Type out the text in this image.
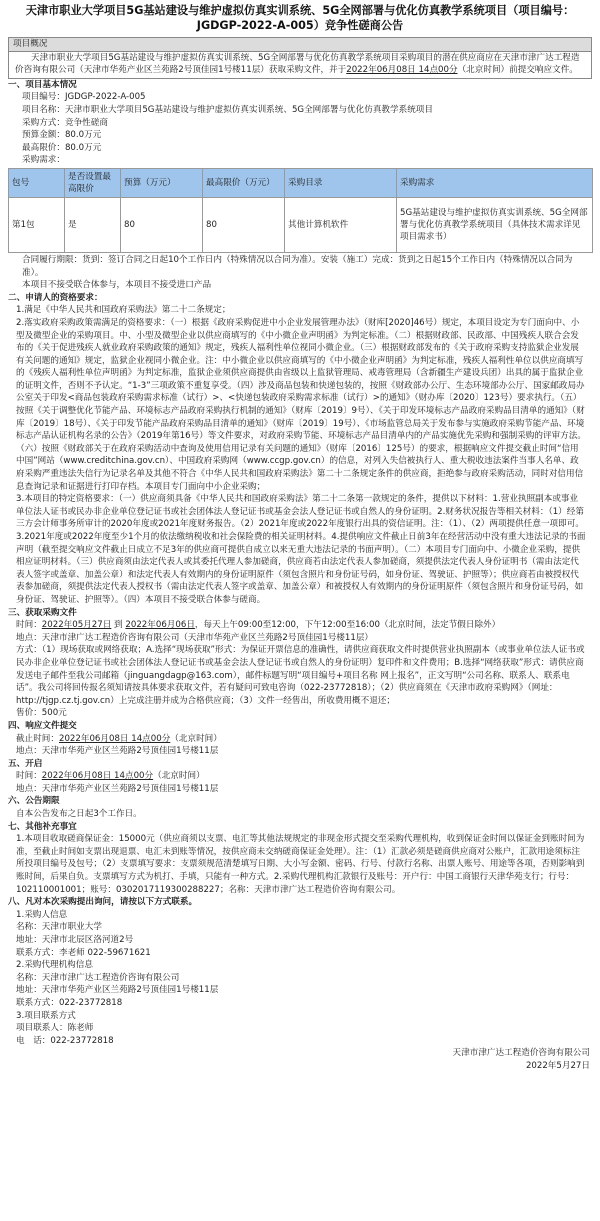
天津市职业大学项目5G基站建设与维护虚拟仿真实训系统、5G全网部署与优化仿真教学系统项目（项目编号：JGDGP-2022-A-005）竞争性磋商公告
项目概况
天津市职业大学项目5G基站建设与维护虚拟仿真实训系统、5G全网部署与优化仿真教学系统项目采购项目的潜在供应商应在天津市津广达工程造价咨询有限公司（天津市华苑产业区兰苑路2号顶佳园1号楼11层）获取采购文件，并于2022年06月08日 14点00分（北京时间）前提交响应文件。
一、项目基本情况
项目编号：JGDGP-2022-A-005
项目名称：天津市职业大学项目5G基站建设与维护虚拟仿真实训系统、5G全网部署与优化仿真教学系统项目
采购方式：竞争性磋商
预算金额：80.0万元
最高限价：80.0万元
采购需求：
包号	是否设置最高限价	预算（万元）	最高限价（万元）	采购目录	采购需求
第1包	是	80	80	其他计算机软件	5G基站建设与维护虚拟仿真实训系统、5G全网部署与优化仿真教学系统项目（具体技术需求详见项目需求书）
合同履行期限：货到：签订合同之日起10个工作日内（特殊情况以合同为准）。安装（施工）完成：货到之日起15个工作日内（特殊情况以合同为准）。
本项目不接受联合体参与，本项目不接受进口产品
二、申请人的资格要求：
1.满足《中华人民共和国政府采购法》第二十二条规定；
2.落实政府采购政策需满足的资格要求：（一）根据《政府采购促进中小企业发展管理办法》（财库[2020]46号）规定，本项目设定为专门面向中、小型及微型企业的采购项目。中、小型及微型企业以供应商填写的《中小微企业声明函》为判定标准。（二）根据财政部、民政部、中国残疾人联合会发布的《关于促进残疾人就业政府采购政策的通知》规定，残疾人福利性单位视同小微企业。（三）根据财政部发布的《关于政府采购支持监狱企业发展有关问题的通知》规定，监狱企业视同小微企业。注：中小微企业以供应商填写的《中小微企业声明函》为判定标准，残疾人福利性单位以供应商填写的《残疾人福利性单位声明函》为判定标准，监狱企业须供应商提供由省级以上监狱管理局、戒毒管理局（含新疆生产建设兵团）出具的属于监狱企业的证明文件，否则不予认定。“1-3”三项政策不重复享受。（四）涉及商品包装和快递包装的，按照《财政部办公厅、生态环境部办公厅、国家邮政局办公室关于印发<商品包装政府采购需求标准（试行）>、<快递包装政府采购需求标准（试行）>的通知》（财办库〔2020〕123号）要求执行。（五）按照《关于调整优化节能产品、环境标志产品政府采购执行机制的通知》（财库〔2019〕9号）、《关于印发环境标志产品政府采购品目清单的通知》（财库〔2019〕18号）、《关于印发节能产品政府采购品目清单的通知》（财库〔2019〕19号）、《市场监管总局关于发布参与实施政府采购节能产品、环境标志产品认证机构名录的公告》（2019年第16号）等文件要求，对政府采购节能、环境标志产品目清单内的产品实施优先采购和强制采购的评审方法。（六）按照《财政部关于在政府采购活动中查询及使用信用记录有关问题的通知》（财库〔2016〕125号）的要求，根据响应文件提交截止时间“信用中国”网站（www.creditchina.gov.cn）、中国政府采购网（www.ccgp.gov.cn）的信息，对列入失信被执行人、重大税收违法案件当事人名单、政府采购严重违法失信行为记录名单及其他不符合《中华人民共和国政府采购法》第二十二条规定条件的供应商，拒绝参与政府采购活动，同时对信用信息查询记录和证据进行打印存档。本项目专门面向中小企业采购；
3.本项目的特定资格要求：（一）供应商须具备《中华人民共和国政府采购法》第二十二条第一款规定的条件，提供以下材料：1.营业执照副本或事业单位法人证书或民办非企业单位登记证书或社会团体法人登记证书或基金会法人登记证书或自然人的身份证明。2.财务状况报告等相关材料：（1）经第三方会计师事务所审计的2020年度或2021年度财务报告。（2）2021年度或2022年度银行出具的资信证明。注：（1）、（2）两项提供任意一项即可。3.2021年度或2022年度至少1个月的依法缴纳税收和社会保险费的相关证明材料。4.提供响应文件截止日前3年在经营活动中没有重大违法记录的书面声明（截至提交响应文件截止日成立不足3年的供应商可提供自成立以来无重大违法记录的书面声明）。（二）本项目专门面向中、小微企业采购，提供相应证明材料。（三）供应商须由法定代表人或其委托代理人参加磋商，供应商若由法定代表人参加磋商，须提供法定代表人身份证明书（需由法定代表人签字或盖章、加盖公章）和法定代表人有效期内的身份证明原件（须包含照片和身份证号码，如身份证、驾驶证、护照等）；供应商若由被授权代表参加磋商，须提供法定代表人授权书（需由法定代表人签字或盖章、加盖公章）和被授权人有效期内的身份证明原件（须包含照片和身份证号码，如身份证、驾驶证、护照等）。（四）本项目不接受联合体参与磋商。
三、获取采购文件
时间：2022年05月27日 到 2022年06月06日，每天上午09:00至12:00，下午12:00至16:00（北京时间，法定节假日除外）
地点：天津市津广达工程造价咨询有限公司（天津市华苑产业区兰苑路2号顶佳园1号楼11层）
方式：（1）现场获取或网络获取；A.选择“现场获取”形式：为保证开票信息的准确性，请供应商获取文件时提供营业执照副本（或事业单位法人证书或民办非企业单位登记证书或社会团体法人登记证书或基金会法人登记证书或自然人的身份证明）复印件和文件费用；B.选择“网络获取”形式：请供应商发送电子邮件至我公司邮箱（jinguangdagp@163.com），邮件标题写明“项目编号+项目名称 网上报名”，正文写明“公司名称、联系人、联系电话”。我公司将回传报名须知请按具体要求获取文件，若有疑问可致电咨询（022-23772818）；（2）供应商须在《天津市政府采购网》（网址：http://tjgp.cz.tj.gov.cn）上完成注册并成为合格供应商；（3）文件一经售出，所收费用概不退还；
售价：500元
四、响应文件提交
截止时间：2022年06月08日 14点00分（北京时间）
地点：天津市华苑产业区兰苑路2号顶佳园1号楼11层
五、开启
时间：2022年06月08日 14点00分（北京时间）
地点：天津市华苑产业区兰苑路2号顶佳园1号楼11层
六、公告期限
自本公告发布之日起3个工作日。
七、其他补充事宜
1.本项目收取磋商保证金：15000元（供应商须以支票、电汇等其他法规规定的非现金形式提交至采购代理机构，收到保证金时间以保证金到账时间为准，至截止时间如支票出现退票、电汇未到账等情况，按供应商未交纳磋商保证金处理）。注：（1）汇款必须是磋商供应商对公账户，汇款用途须标注所投项目编号及包号；（2）支票填写要求：支票须规范清楚填写日期、大小写金额、密码、行号、付款行名称、出票人账号、用途等各项，否则影响到账时间，后果自负。支票填写方式为机打、手填，只能有一种方式。2.采购代理机构汇款银行及账号：开户行：中国工商银行天津华苑支行；行号：102110001001；账号：0302017119300288227；名称：天津市津广达工程造价咨询有限公司。
八、凡对本次采购提出询问，请按以下方式联系。
1.采购人信息
名称：天津市职业大学
地址：天津市北辰区洛河道2号
联系方式：李老师 022-59671621
2.采购代理机构信息
名称：天津市津广达工程造价咨询有限公司
地址：天津市华苑产业区兰苑路2号顶佳园1号楼11层
联系方式：022-23772818
3.项目联系方式
项目联系人：陈老师
电　话：022-23772818
天津市津广达工程造价咨询有限公司
2022年5月27日
